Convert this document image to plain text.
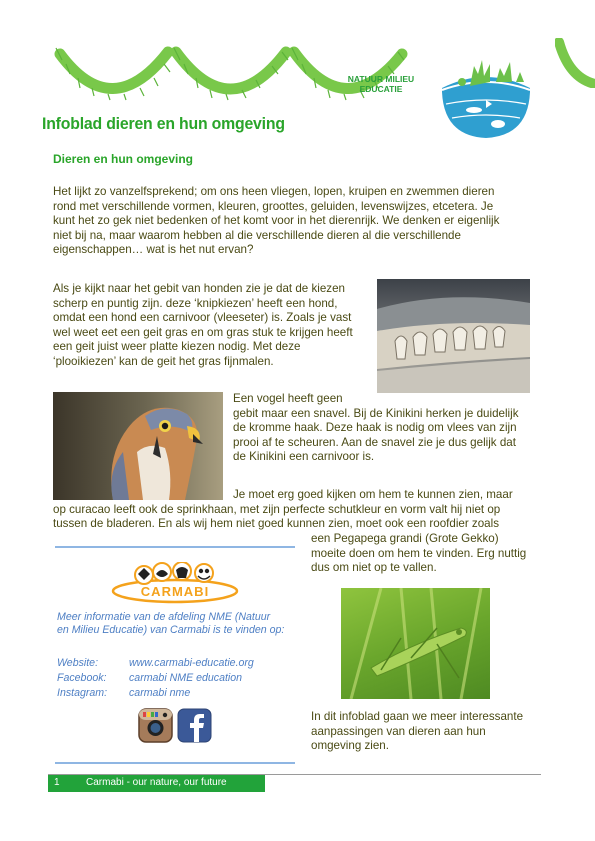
NATUUR MILIEU
EDUCATIE
Infoblad dieren en hun omgeving
Dieren en hun omgeving
Het lijkt zo vanzelfsprekend; om ons heen vliegen, lopen, kruipen en zwemmen dieren
rond met verschillende vormen, kleuren, groottes, geluiden, levenswijzes, etcetera. Je
kunt het zo gek niet bedenken of het komt voor in het dierenrijk. We denken er eigenlijk
niet bij na, maar waarom hebben al die verschillende dieren al die verschillende
eigenschappen… wat is het nut ervan?
Als je kijkt naar het gebit van honden zie je dat de kiezen
scherp en puntig zijn. deze ‘knipkiezen’ heeft een hond,
omdat een hond een carnivoor (vleeseter) is. Zoals je vast
wel weet eet een geit gras en om gras stuk te krijgen heeft
een geit juist weer platte kiezen nodig. Met deze
‘plooikiezen’ kan de geit het gras fijnmalen.
Een vogel heeft geen
gebit maar een snavel. Bij de Kinikini herken je duidelijk
de kromme haak. Deze haak is nodig om vlees van zijn
prooi af te scheuren. Aan de snavel zie je dus gelijk dat
de Kinikini een carnivoor is.
Je moet erg goed kijken om hem te kunnen zien, maar
op curacao leeft ook de sprinkhaan, met zijn perfecte schutkleur en vorm valt hij niet op
tussen de bladeren. En als wij hem niet goed kunnen zien, moet ook een roofdier zoals
een Pegapega grandi (Grote Gekko)
moeite doen om hem te vinden. Erg nuttig
dus om niet op te vallen.
CARMABI
Meer informatie van de afdeling NME (Natuur
en Milieu Educatie) van Carmabi is te vinden op:
Website:	www.carmabi-educatie.org
Facebook:	carmabi NME education
Instagram:	carmabi nme
In dit infoblad gaan we meer interessante
aanpassingen van dieren aan hun
omgeving zien.
1	Carmabi - our nature, our future
